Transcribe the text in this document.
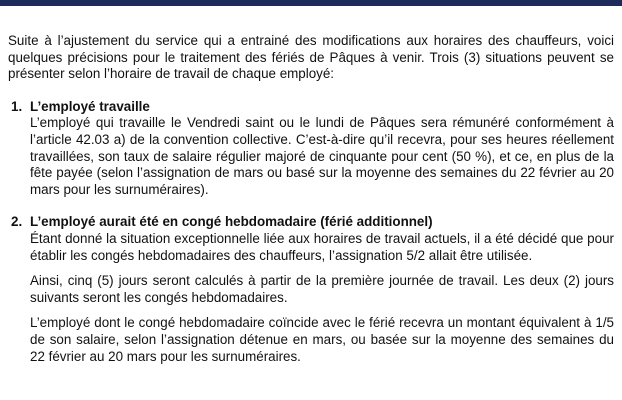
Suite à l’ajustement du service qui a entrainé des modifications aux horaires des chauffeurs, voici quelques précisions pour le traitement des fériés de Pâques à venir. Trois (3) situations peuvent se présenter selon l’horaire de travail de chaque employé:

1. L’employé travaille

L’employé qui travaille le Vendredi saint ou le lundi de Pâques sera rémunéré conformément à l’article 42.03 a) de la convention collective. C’est-à-dire qu’il recevra, pour ses heures réellement travaillées, son taux de salaire régulier majoré de cinquante pour cent (50 %), et ce, en plus de la fête payée (selon l’assignation de mars ou basé sur la moyenne des semaines du 22 février au 20 mars pour les surnuméraires).

2. L’employé aurait été en congé hebdomadaire (férié additionnel)

Étant donné la situation exceptionnelle liée aux horaires de travail actuels, il a été décidé que pour établir les congés hebdomadaires des chauffeurs, l’assignation 5/2 allait être utilisée.

Ainsi, cinq (5) jours seront calculés à partir de la première journée de travail. Les deux (2) jours suivants seront les congés hebdomadaires.

L’employé dont le congé hebdomadaire coïncide avec le férié recevra un montant équivalent à 1/5 de son salaire, selon l’assignation détenue en mars, ou basée sur la moyenne des semaines du 22 février au 20 mars pour les surnuméraires.
